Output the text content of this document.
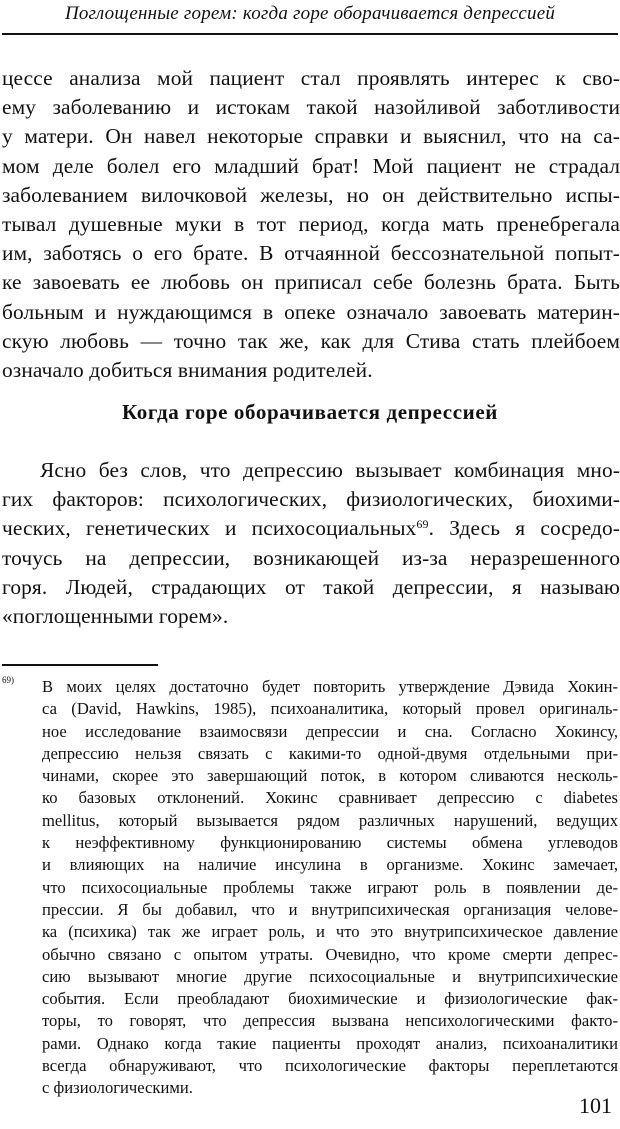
Поглощенные горем: когда горе оборачивается депрессией
цессе анализа мой пациент стал проявлять интерес к сво-
ему заболеванию и истокам такой назойливой заботливости
у матери. Он навел некоторые справки и выяснил, что на са-
мом деле болел его младший брат! Мой пациент не страдал
заболеванием вилочковой железы, но он действительно испы-
тывал душевные муки в тот период, когда мать пренебрегала
им, заботясь о его брате. В отчаянной бессознательной попыт-
ке завоевать ее любовь он приписал себе болезнь брата. Быть
больным и нуждающимся в опеке означало завоевать материн-
скую любовь — точно так же, как для Стива стать плейбоем
означало добиться внимания родителей.
Когда горе оборачивается депрессией
Ясно без слов, что депрессию вызывает комбинация мно-
гих факторов: психологических, физиологических, биохими-
ческих, генетических и психосоциальных$^{69}$. Здесь я сосредо-
точусь на депрессии, возникающей из-за неразрешенного
горя. Людей, страдающих от такой депрессии, я называю
«поглощенными горем».
69) В моих целях достаточно будет повторить утверждение Дэвида Хокин-
са (David, Hawkins, 1985), психоаналитика, который провел оригиналь-
ное исследование взаимосвязи депрессии и сна. Согласно Хокинсу,
депрессию нельзя связать с какими-то одной-двумя отдельными при-
чинами, скорее это завершающий поток, в котором сливаются несколь-
ко базовых отклонений. Хокинс сравнивает депрессию с diabetes
mellitus, который вызывается рядом различных нарушений, ведущих
к неэффективному функционированию системы обмена углеводов
и влияющих на наличие инсулина в организме. Хокинс замечает,
что психосоциальные проблемы также играют роль в появлении де-
прессии. Я бы добавил, что и внутрипсихическая организация челове-
ка (психика) так же играет роль, и что это внутрипсихическое давление
обычно связано с опытом утраты. Очевидно, что кроме смерти депрес-
сию вызывают многие другие психосоциальные и внутрипсихические
события. Если преобладают биохимические и физиологические фак-
торы, то говорят, что депрессия вызвана непсихологическими факто-
рами. Однако когда такие пациенты проходят анализ, психоаналитики
всегда обнаруживают, что психологические факторы переплетаются
с физиологическими.
101
